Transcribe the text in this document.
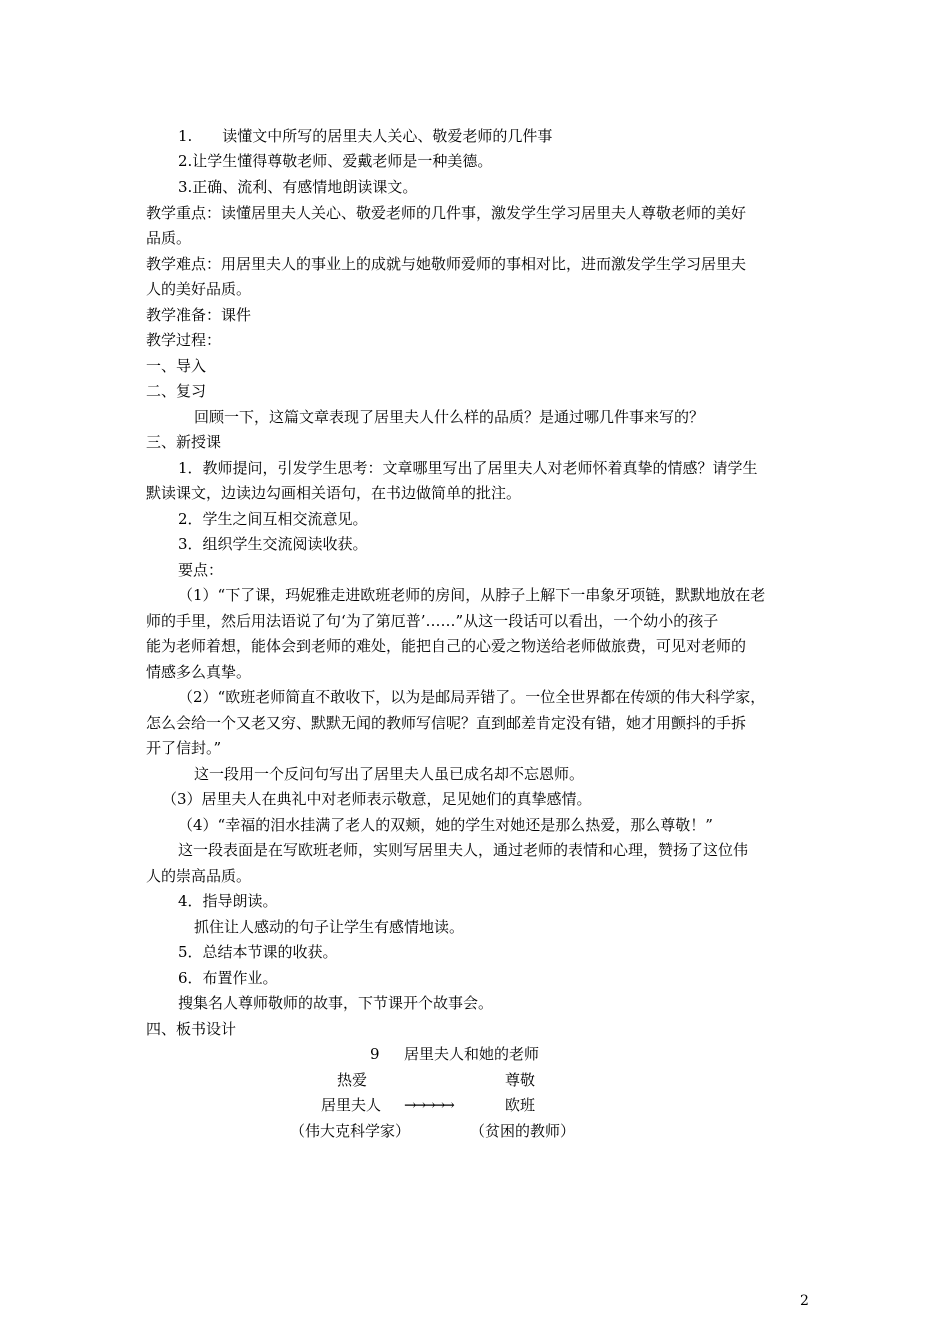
1.　　读懂文中所写的居里夫人关心、敬爱老师的几件事
2.让学生懂得尊敬老师、爱戴老师是一种美德。
3.正确、流利、有感情地朗读课文。
教学重点：读懂居里夫人关心、敬爱老师的几件事，激发学生学习居里夫人尊敬老师的美好
品质。
教学难点：用居里夫人的事业上的成就与她敬师爱师的事相对比，进而激发学生学习居里夫
人的美好品质。
教学准备：课件
教学过程：
一、导入
二、复习
回顾一下，这篇文章表现了居里夫人什么样的品质？是通过哪几件事来写的？
三、新授课
1．教师提问，引发学生思考：文章哪里写出了居里夫人对老师怀着真挚的情感？请学生
默读课文，边读边勾画相关语句，在书边做简单的批注。
2．学生之间互相交流意见。
3．组织学生交流阅读收获。
要点：
（1）“下了课，玛妮雅走进欧班老师的房间，从脖子上解下一串象牙项链，默默地放在老
师的手里，然后用法语说了句‘为了第厄普’……”从这一段话可以看出，一个幼小的孩子
能为老师着想，能体会到老师的难处，能把自己的心爱之物送给老师做旅费，可见对老师的
情感多么真挚。
（2）“欧班老师简直不敢收下，以为是邮局弄错了。一位全世界都在传颂的伟大科学家，
怎么会给一个又老又穷、默默无闻的教师写信呢？直到邮差肯定没有错，她才用颤抖的手拆
开了信封。”
这一段用一个反问句写出了居里夫人虽已成名却不忘恩师。
（3）居里夫人在典礼中对老师表示敬意，足见她们的真挚感情。
（4）“幸福的泪水挂满了老人的双颊，她的学生对她还是那么热爱，那么尊敬！”
这一段表面是在写欧班老师，实则写居里夫人，通过老师的表情和心理，赞扬了这位伟
人的崇高品质。
4．指导朗读。
抓住让人感动的句子让学生有感情地读。
5．总结本节课的收获。
6．布置作业。
搜集名人尊师敬师的故事，下节课开个故事会。
四、板书设计
9 居里夫人和她的老师
热爱	尊敬
居里夫人 →→→→→	欧班
（伟大克科学家）	（贫困的教师）
2
